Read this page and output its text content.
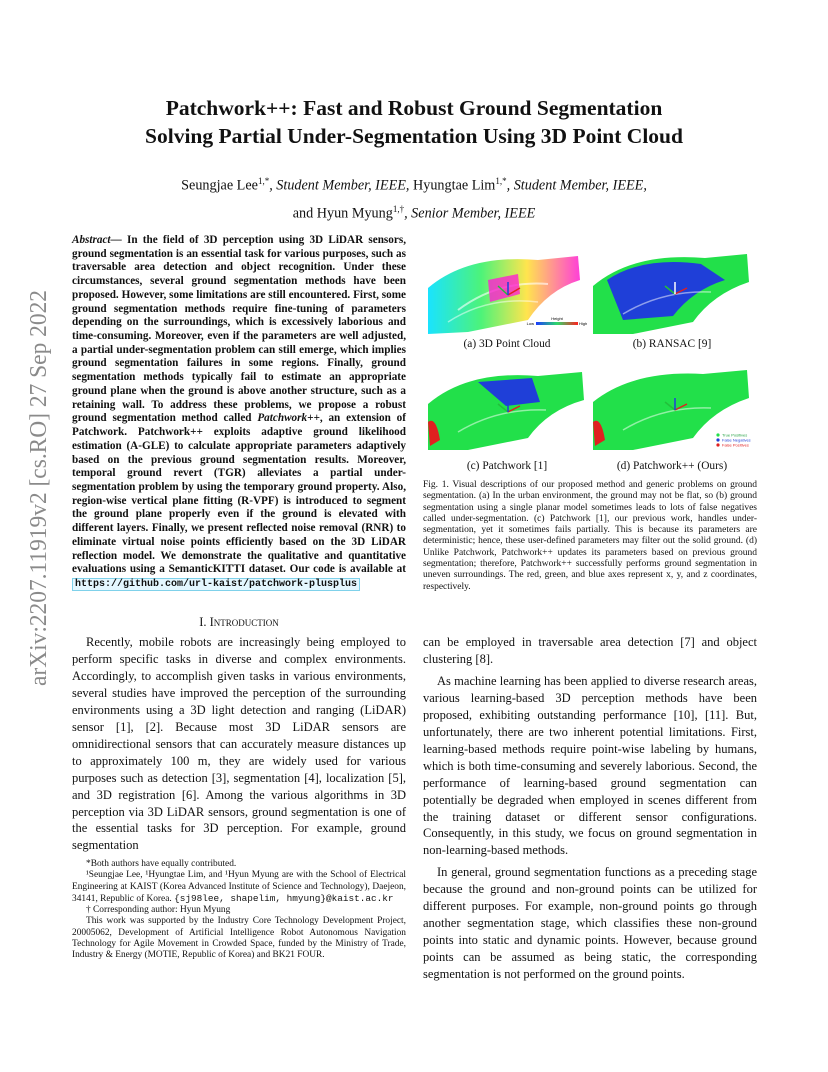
arXiv:2207.11919v2 [cs.RO] 27 Sep 2022
Patchwork++: Fast and Robust Ground Segmentation
Solving Partial Under-Segmentation Using 3D Point Cloud
Seungjae Lee$^{1,*}$, Student Member, IEEE, Hyungtae Lim$^{1,*}$, Student Member, IEEE,
and Hyun Myung$^{1,\dagger}$, Senior Member, IEEE

Abstract— In the field of 3D perception using 3D LiDAR sensors, ground segmentation is an essential task for various purposes, such as traversable area detection and object recognition. Under these circumstances, several ground segmentation methods have been proposed. However, some limitations are still encountered. First, some ground segmentation methods require fine-tuning of parameters depending on the surroundings, which is excessively laborious and time-consuming. Moreover, even if the parameters are well adjusted, a partial under-segmentation problem can still emerge, which implies ground segmentation failures in some regions. Finally, ground segmentation methods typically fail to estimate an appropriate ground plane when the ground is above another structure, such as a retaining wall. To address these problems, we propose a robust ground segmentation method called Patchwork++, an extension of Patchwork. Patchwork++ exploits adaptive ground likelihood estimation (A-GLE) to calculate appropriate parameters adaptively based on the previous ground segmentation results. Moreover, temporal ground revert (TGR) alleviates a partial under-segmentation problem by using the temporary ground property. Also, region-wise vertical plane fitting (R-VPF) is introduced to segment the ground plane properly even if the ground is elevated with different layers. Finally, we present reflected noise removal (RNR) to eliminate virtual noise points efficiently based on the 3D LiDAR reflection model. We demonstrate the qualitative and quantitative evaluations using a SemanticKITTI dataset. Our code is available at https://github.com/url-kaist/patchwork-plusplus

I. Introduction

Recently, mobile robots are increasingly being employed to perform specific tasks in diverse and complex environments. Accordingly, to accomplish given tasks in various environments, several studies have improved the perception of the surrounding environments using a 3D light detection and ranging (LiDAR) sensor [1], [2]. Because most 3D LiDAR sensors are omnidirectional sensors that can accurately measure distances up to approximately 100 m, they are widely used for various purposes such as detection [3], segmentation [4], localization [5], and 3D registration [6]. Among the various algorithms in 3D perception via 3D LiDAR sensors, ground segmentation is one of the essential tasks for 3D perception. For example, ground segmentation

*Both authors have equally contributed.

¹Seungjae Lee, ¹Hyungtae Lim, and ¹Hyun Myung are with the School of Electrical Engineering at KAIST (Korea Advanced Institute of Science and Technology), Daejeon, 34141, Republic of Korea. {sj98lee, shapelim, hmyung}@kaist.ac.kr

† Corresponding author: Hyun Myung

This work was supported by the Industry Core Technology Development Project, 20005062, Development of Artificial Intelligence Robot Autonomous Navigation Technology for Agile Movement in Crowded Space, funded by the Ministry of Trade, Industry & Energy (MOTIE, Republic of Korea) and BK21 FOUR.

Height
Low	High
(a) 3D Point Cloud	(b) RANSAC [9]
(c) Patchwork [1]
True Positives
False Negatives
False Positives
(d) Patchwork++ (Ours)

Fig. 1. Visual descriptions of our proposed method and generic problems on ground segmentation. (a) In the urban environment, the ground may not be flat, so (b) ground segmentation using a single planar model sometimes leads to lots of false negatives called under-segmentation. (c) Patchwork [1], our previous work, handles under-segmentation, yet it sometimes fails partially. This is because its parameters are deterministic; hence, these user-defined parameters may filter out the solid ground. (d) Unlike Patchwork, Patchwork++ updates its parameters based on previous ground segmentation; therefore, Patchwork++ successfully performs ground segmentation in uneven surroundings. The red, green, and blue axes represent x, y, and z coordinates, respectively.

can be employed in traversable area detection [7] and object clustering [8].

As machine learning has been applied to diverse research areas, various learning-based 3D perception methods have been proposed, exhibiting outstanding performance [10], [11]. But, unfortunately, there are two inherent potential limitations. First, learning-based methods require point-wise labeling by humans, which is both time-consuming and severely laborious. Second, the performance of learning-based ground segmentation can potentially be degraded when employed in scenes different from the training dataset or different sensor configurations. Consequently, in this study, we focus on ground segmentation in non-learning-based methods.

In general, ground segmentation functions as a preceding stage because the ground and non-ground points can be utilized for different purposes. For example, non-ground points go through another segmentation stage, which classifies these non-ground points into static and dynamic points. However, because ground points can be assumed as being static, the corresponding segmentation is not performed on the ground points.
